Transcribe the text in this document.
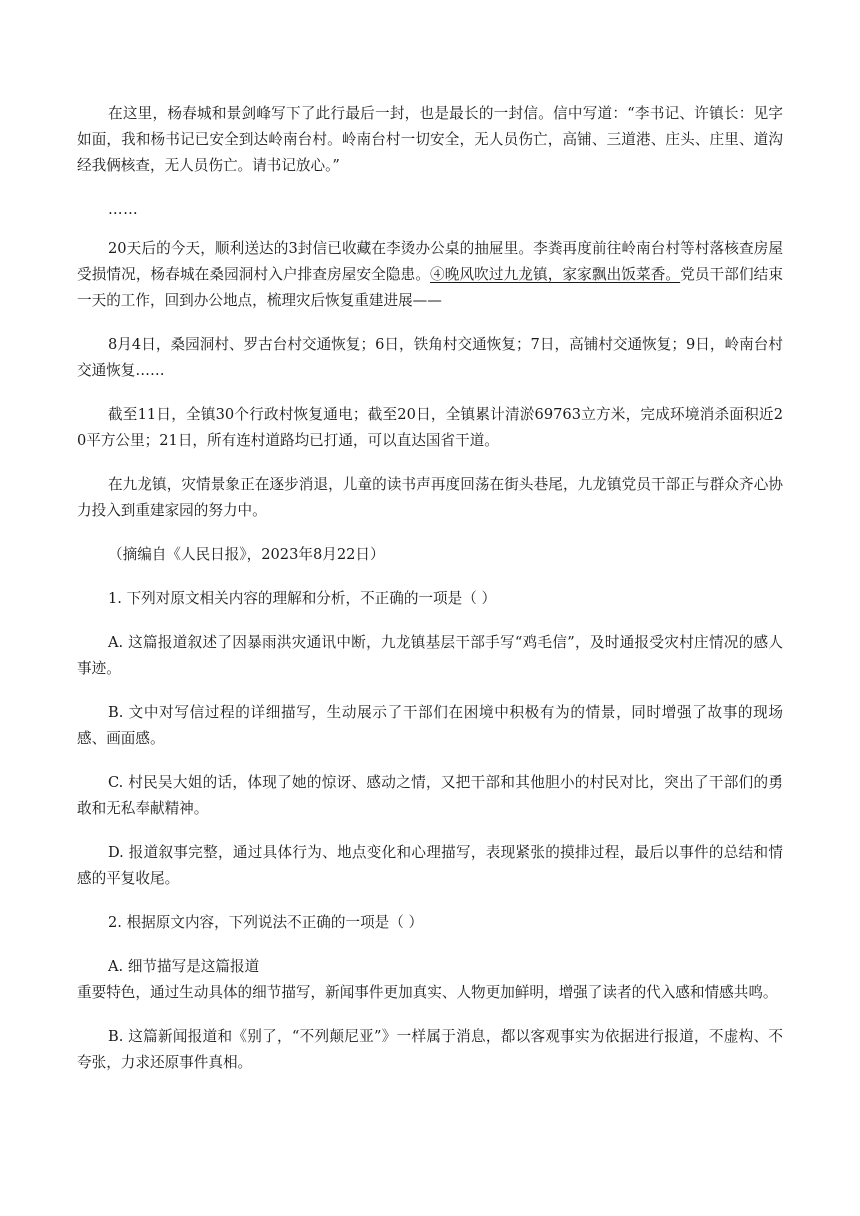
在这里，杨春城和景剑峰写下了此行最后一封，也是最长的一封信。信中写道：“李书记、许镇长：见字如面，我和杨书记已安全到达岭南台村。岭南台村一切安全，无人员伤亡，高铺、三道港、庄头、庄里、道沟经我俩核查，无人员伤亡。请书记放心。”

……

20天后的今天，顺利送达的3封信已收藏在李烫办公桌的抽屉里。李粪再度前往岭南台村等村落核查房屋受损情况，杨春城在桑园洞村入户排查房屋安全隐患。④晚风吹过九龙镇，家家飘出饭菜香。党员干部们结束一天的工作，回到办公地点，梳理灾后恢复重建进展——

8月4日，桑园洞村、罗古台村交通恢复；6日，铁角村交通恢复；7日，高铺村交通恢复；9日，岭南台村交通恢复……

截至11日，全镇30个行政村恢复通电；截至20日，全镇累计清淤69763立方米，完成环境消杀面积近20平方公里；21日，所有连村道路均已打通，可以直达国省干道。

在九龙镇，灾情景象正在逐步消退，儿童的读书声再度回荡在街头巷尾，九龙镇党员干部正与群众齐心协力投入到重建家园的努力中。

（摘编自《人民日报》，2023年8月22日）

1. 下列对原文相关内容的理解和分析，不正确的一项是（ ）

A. 这篇报道叙述了因暴雨洪灾通讯中断，九龙镇基层干部手写“鸡毛信”，及时通报受灾村庄情况的感人事迹。

B. 文中对写信过程的详细描写，生动展示了干部们在困境中积极有为的情景，同时增强了故事的现场感、画面感。

C. 村民吴大姐的话，体现了她的惊讶、感动之情，又把干部和其他胆小的村民对比，突出了干部们的勇敢和无私奉献精神。

D. 报道叙事完整，通过具体行为、地点变化和心理描写，表现紧张的摸排过程，最后以事件的总结和情感的平复收尾。

2. 根据原文内容，下列说法不正确的一项是（ ）

A. 细节描写是这篇报道
重要特色，通过生动具体的细节描写，新闻事件更加真实、人物更加鲜明，增强了读者的代入感和情感共鸣。

B. 这篇新闻报道和《别了，“不列颠尼亚”》一样属于消息，都以客观事实为依据进行报道，不虚构、不夸张，力求还原事件真相。
